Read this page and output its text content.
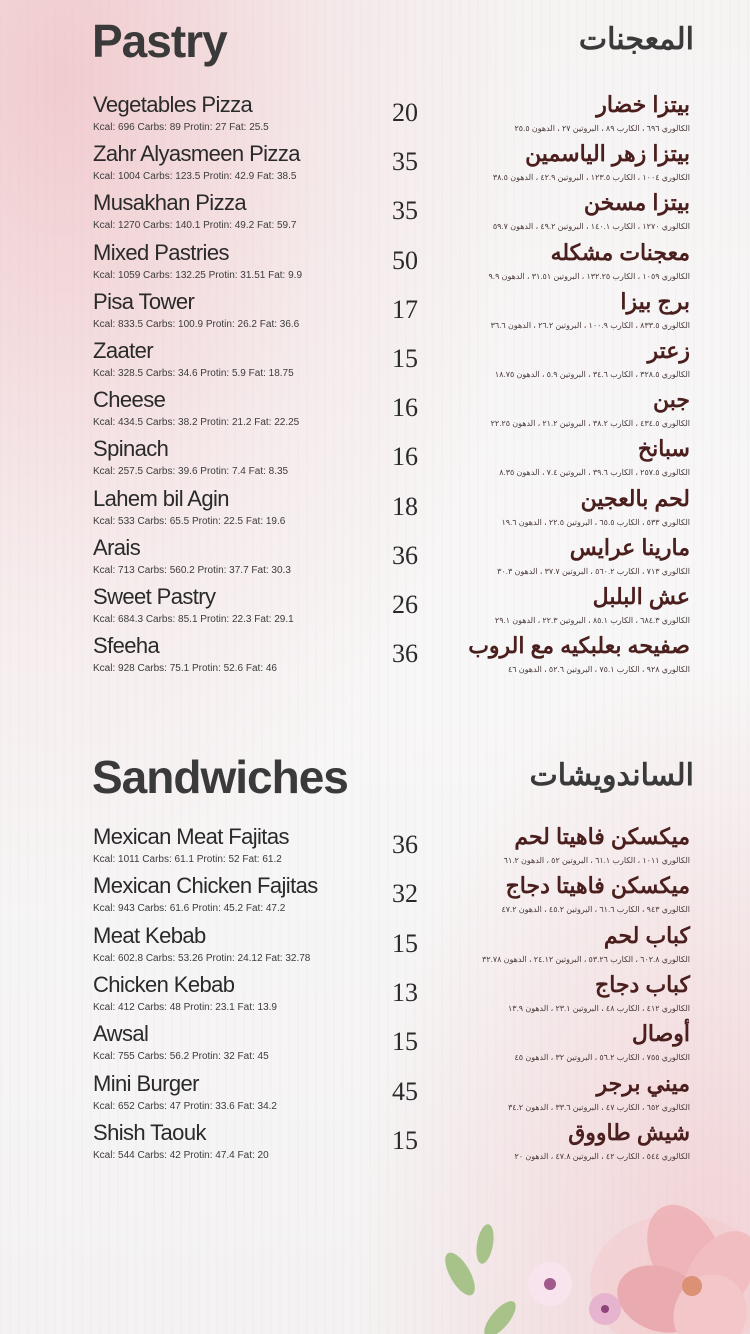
Pastry	المعجنات
Vegetables Pizza
Kcal: 696 Carbs: 89 Protin: 27 Fat: 25.5
20	بيتزا خضار
الكالوري ٦٩٦ ، الكارب ٨٩ ، البروتين ٢٧ ، الدهون ٢٥.٥
Zahr Alyasmeen Pizza
Kcal: 1004 Carbs: 123.5 Protin: 42.9 Fat: 38.5
35	بيتزا زهر الياسمين
الكالوري ١٠٠٤ ، الكارب ١٢٣.٥ ، البروتين ٤٢.٩ ، الدهون ٣٨.٥
Musakhan Pizza
Kcal: 1270 Carbs: 140.1 Protin: 49.2 Fat: 59.7
35	بيتزا مسخن
الكالوري ١٢٧٠ ، الكارب ١٤٠.١ ، البروتين ٤٩.٢ ، الدهون ٥٩.٧
Mixed Pastries
Kcal: 1059 Carbs: 132.25 Protin: 31.51 Fat: 9.9
50	معجنات مشكله
الكالوري ١٠٥٩ ، الكارب ١٣٢.٢٥ ، البروتين ٣١.٥١ ، الدهون ٩.٩
Pisa Tower
Kcal: 833.5 Carbs: 100.9 Protin: 26.2 Fat: 36.6
17	برج بيزا
الكالوري ٨٣٣.٥ ، الكارب ١٠٠.٩ ، البروتين ٢٦.٢ ، الدهون ٣٦.٦
Zaater
Kcal: 328.5 Carbs: 34.6 Protin: 5.9 Fat: 18.75
15	زعتر
الكالوري ٣٢٨.٥ ، الكارب ٣٤.٦ ، البروتين ٥.٩ ، الدهون ١٨.٧٥
Cheese
Kcal: 434.5 Carbs: 38.2 Protin: 21.2 Fat: 22.25
16	جبن
الكالوري ٤٣٤.٥ ، الكارب ٣٨.٢ ، البروتين ٢١.٢ ، الدهون ٢٢.٢٥
Spinach
Kcal: 257.5 Carbs: 39.6 Protin: 7.4 Fat: 8.35
16	سبانخ
الكالوري ٢٥٧.٥ ، الكارب ٣٩.٦ ، البروتين ٧.٤ ، الدهون ٨.٣٥
Lahem bil Agin
Kcal: 533 Carbs: 65.5 Protin: 22.5 Fat: 19.6
18	لحم بالعجين
الكالوري ٥٣٣ ، الكارب ٦٥.٥ ، البروتين ٢٢.٥ ، الدهون ١٩.٦
Arais
Kcal: 713 Carbs: 560.2 Protin: 37.7 Fat: 30.3
36	مارينا عرايس
الكالوري ٧١٣ ، الكارب ٥٦٠.٢ ، البروتين ٣٧.٧ ، الدهون ٣٠.٣
Sweet Pastry
Kcal: 684.3 Carbs: 85.1 Protin: 22.3 Fat: 29.1
26	عش البلبل
الكالوري ٦٨٤.٣ ، الكارب ٨٥.١ ، البروتين ٢٢.٣ ، الدهون ٢٩.١
Sfeeha
Kcal: 928 Carbs: 75.1 Protin: 52.6 Fat: 46
36 صفيحه بعلبكيه مع الروب
الكالوري ٩٢٨ ، الكارب ٧٥.١ ، البروتين ٥٢.٦ ، الدهون ٤٦
Sandwiches	الساندويشات
Mexican Meat Fajitas
Kcal: 1011 Carbs: 61.1 Protin: 52 Fat: 61.2
36	ميكسكن فاهيتا لحم
الكالوري ١٠١١ ، الكارب ٦١.١ ، البروتين ٥٢ ، الدهون ٦١.٢
Mexican Chicken Fajitas
Kcal: 943 Carbs: 61.6 Protin: 45.2 Fat: 47.2
32	ميكسكن فاهيتا دجاج
الكالوري ٩٤٣ ، الكارب ٦١.٦ ، البروتين ٤٥.٢ ، الدهون ٤٧.٢
Meat Kebab
Kcal: 602.8 Carbs: 53.26 Protin: 24.12 Fat: 32.78
15	كباب لحم
الكالوري ٦٠٢.٨ ، الكارب ٥٣.٢٦ ، البروتين ٢٤.١٢ ، الدهون ٣٢.٧٨
Chicken Kebab
Kcal: 412 Carbs: 48 Protin: 23.1 Fat: 13.9
13	كباب دجاج
الكالوري ٤١٢ ، الكارب ٤٨ ، البروتين ٢٣.١ ، الدهون ١٣.٩
Awsal
Kcal: 755 Carbs: 56.2 Protin: 32 Fat: 45
15	أوصال
الكالوري ٧٥٥ ، الكارب ٥٦.٢ ، البروتين ٣٢ ، الدهون ٤٥
Mini Burger
Kcal: 652 Carbs: 47 Protin: 33.6 Fat: 34.2
45	ميني برجر
الكالوري ٦٥٢ ، الكارب ٤٧ ، البروتين ٣٣.٦ ، الدهون ٣٤.٢
Shish Taouk
Kcal: 544 Carbs: 42 Protin: 47.4 Fat: 20
15	شيش طاووق
الكالوري ٥٤٤ ، الكارب ٤٢ ، البروتين ٤٧.٨ ، الدهون ٢٠
